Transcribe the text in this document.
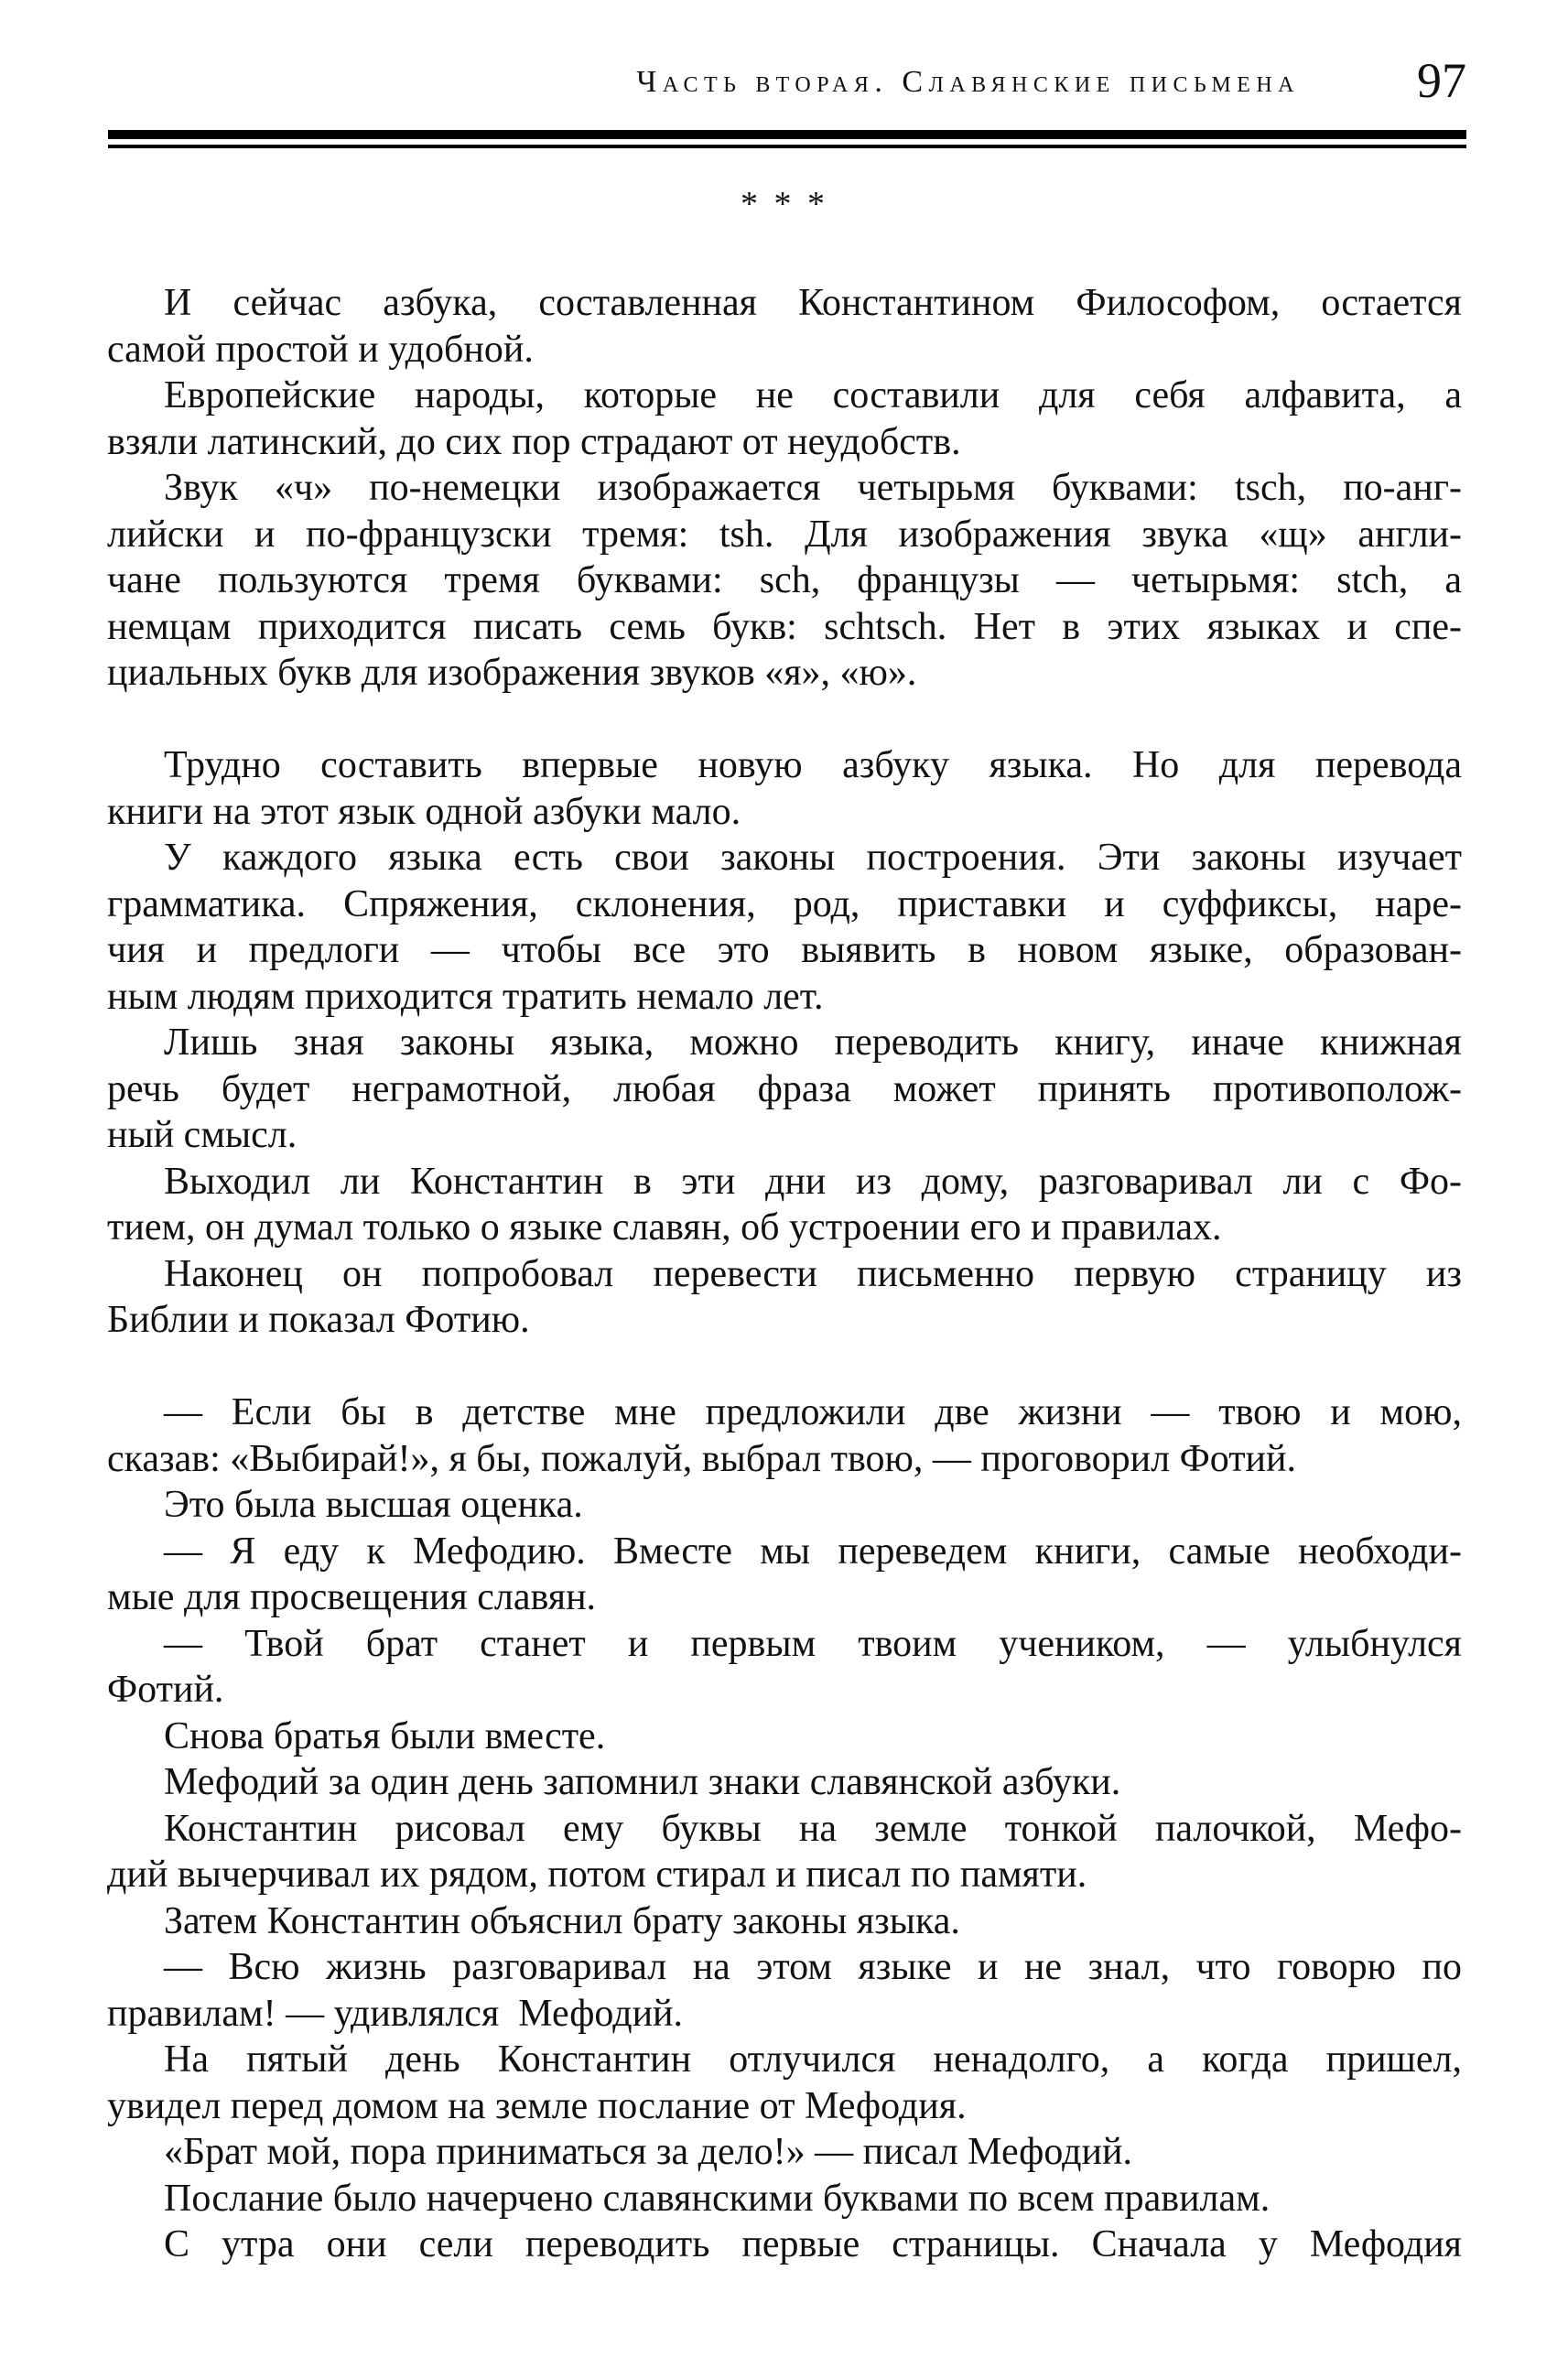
Часть вторая. Славянские письмена 97
* * *
И сейчас азбука, составленная Константином Философом, остается
самой простой и удобной.
Европейские народы, которые не составили для себя алфавита, а
взяли латинский, до сих пор страдают от неудобств.
Звук «ч» по-немецки изображается четырьмя буквами: tsch, по-анг-
лийски и по-французски тремя: tsh. Для изображения звука «щ» англи-
чане пользуются тремя буквами: sch, французы — четырьмя: stch, а
немцам приходится писать семь букв: schtsch. Нет в этих языках и спе-
циальных букв для изображения звуков «я», «ю».
Трудно составить впервые новую азбуку языка. Но для перевода
книги на этот язык одной азбуки мало.
У каждого языка есть свои законы построения. Эти законы изучает
грамматика. Спряжения, склонения, род, приставки и суффиксы, наре-
чия и предлоги — чтобы все это выявить в новом языке, образован-
ным людям приходится тратить немало лет.
Лишь зная законы языка, можно переводить книгу, иначе книжная
речь будет неграмотной, любая фраза может принять противополож-
ный смысл.
Выходил ли Константин в эти дни из дому, разговаривал ли с Фо-
тием, он думал только о языке славян, об устроении его и правилах.
Наконец он попробовал перевести письменно первую страницу из
Библии и показал Фотию.
— Если бы в детстве мне предложили две жизни — твою и мою,
сказав: «Выбирай!», я бы, пожалуй, выбрал твою, — проговорил Фотий.
Это была высшая оценка.
— Я еду к Мефодию. Вместе мы переведем книги, самые необходи-
мые для просвещения славян.
— Твой брат станет и первым твоим учеником, — улыбнулся
Фотий.
Снова братья были вместе.
Мефодий за один день запомнил знаки славянской азбуки.
Константин рисовал ему буквы на земле тонкой палочкой, Мефо-
дий вычерчивал их рядом, потом стирал и писал по памяти.
Затем Константин объяснил брату законы языка.
— Всю жизнь разговаривал на этом языке и не знал, что говорю по
правилам! — удивлялся  Мефодий.
На пятый день Константин отлучился ненадолго, а когда пришел,
увидел перед домом на земле послание от Мефодия.
«Брат мой, пора приниматься за дело!» — писал Мефодий.
Послание было начерчено славянскими буквами по всем правилам.
С утра они сели переводить первые страницы. Сначала у Мефодия
